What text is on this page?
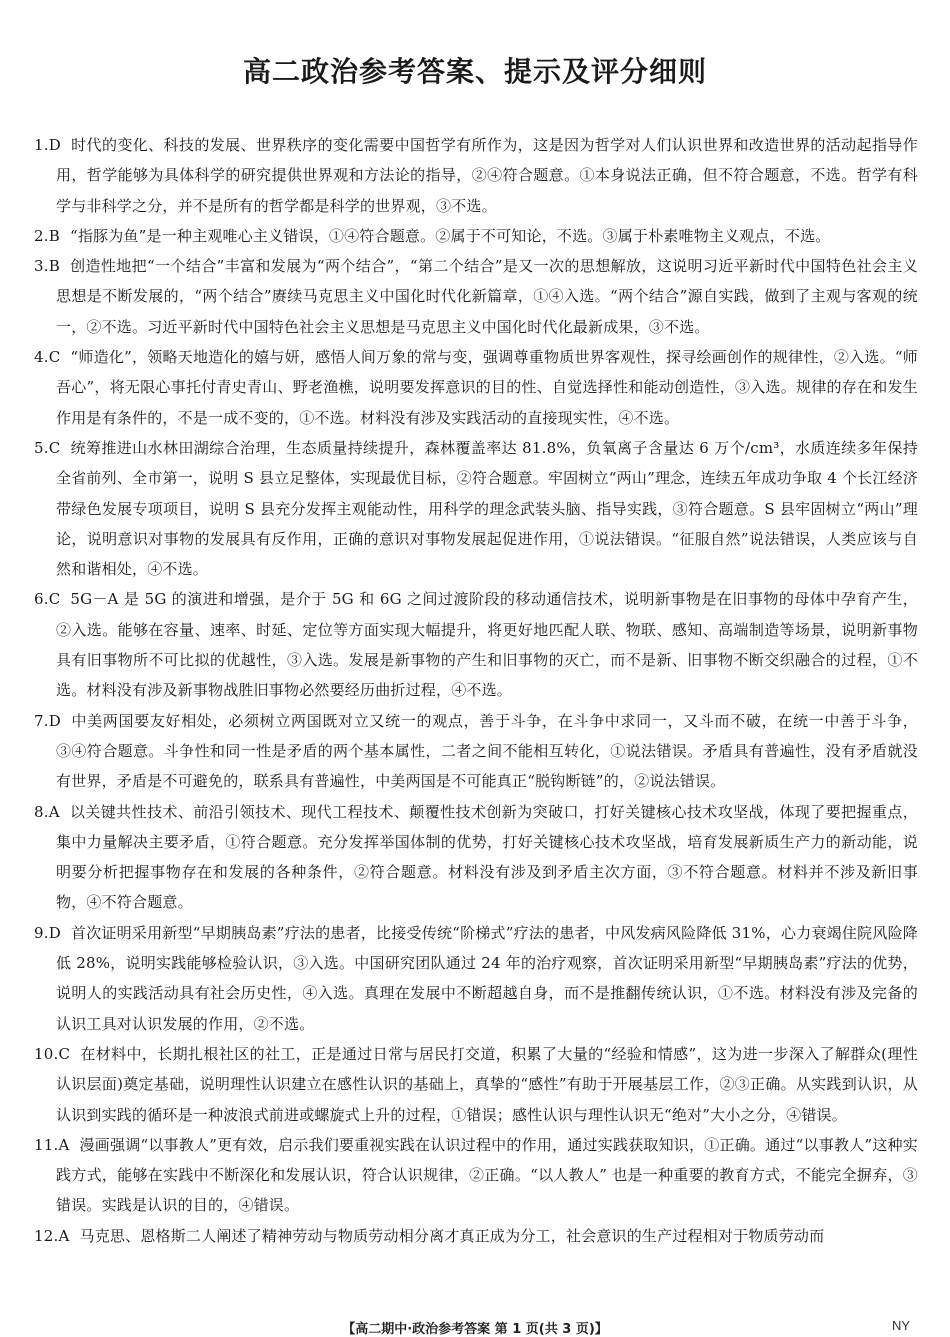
高二政治参考答案、提示及评分细则
1.D 时代的变化、科技的发展、世界秩序的变化需要中国哲学有所作为，这是因为哲学对人们认识世界和改造世界的活动起指导作用，哲学能够为具体科学的研究提供世界观和方法论的指导，②④符合题意。①本身说法正确，但不符合题意，不选。哲学有科学与非科学之分，并不是所有的哲学都是科学的世界观，③不选。
2.B “指豚为鱼”是一种主观唯心主义错误，①④符合题意。②属于不可知论，不选。③属于朴素唯物主义观点，不选。
3.B 创造性地把“一个结合”丰富和发展为“两个结合”，“第二个结合”是又一次的思想解放，这说明习近平新时代中国特色社会主义思想是不断发展的，“两个结合”赓续马克思主义中国化时代化新篇章，①④入选。“两个结合”源自实践，做到了主观与客观的统一，②不选。习近平新时代中国特色社会主义思想是马克思主义中国化时代化最新成果，③不选。
4.C “师造化”，领略天地造化的嬉与妍，感悟人间万象的常与变，强调尊重物质世界客观性，探寻绘画创作的规律性，②入选。“师吾心”，将无限心事托付青史青山、野老渔樵，说明要发挥意识的目的性、自觉选择性和能动创造性，③入选。规律的存在和发生作用是有条件的，不是一成不变的，①不选。材料没有涉及实践活动的直接现实性，④不选。
5.C 统筹推进山水林田湖综合治理，生态质量持续提升，森林覆盖率达 81.8%，负氧离子含量达 6 万个/cm³，水质连续多年保持全省前列、全市第一，说明 S 县立足整体，实现最优目标，②符合题意。牢固树立“两山”理念，连续五年成功争取 4 个长江经济带绿色发展专项项目，说明 S 县充分发挥主观能动性，用科学的理念武装头脑、指导实践，③符合题意。S 县牢固树立“两山”理论，说明意识对事物的发展具有反作用，正确的意识对事物发展起促进作用，①说法错误。“征服自然”说法错误，人类应该与自然和谐相处，④不选。
6.C 5G－A 是 5G 的演进和增强，是介于 5G 和 6G 之间过渡阶段的移动通信技术，说明新事物是在旧事物的母体中孕育产生，②入选。能够在容量、速率、时延、定位等方面实现大幅提升，将更好地匹配人联、物联、感知、高端制造等场景，说明新事物具有旧事物所不可比拟的优越性，③入选。发展是新事物的产生和旧事物的灭亡，而不是新、旧事物不断交织融合的过程，①不选。材料没有涉及新事物战胜旧事物必然要经历曲折过程，④不选。
7.D 中美两国要友好相处，必须树立两国既对立又统一的观点，善于斗争，在斗争中求同一，又斗而不破，在统一中善于斗争，③④符合题意。斗争性和同一性是矛盾的两个基本属性，二者之间不能相互转化，①说法错误。矛盾具有普遍性，没有矛盾就没有世界，矛盾是不可避免的，联系具有普遍性，中美两国是不可能真正“脱钩断链”的，②说法错误。
8.A 以关键共性技术、前沿引领技术、现代工程技术、颠覆性技术创新为突破口，打好关键核心技术攻坚战，体现了要把握重点，集中力量解决主要矛盾，①符合题意。充分发挥举国体制的优势，打好关键核心技术攻坚战，培育发展新质生产力的新动能，说明要分析把握事物存在和发展的各种条件，②符合题意。材料没有涉及到矛盾主次方面，③不符合题意。材料并不涉及新旧事物，④不符合题意。
9.D 首次证明采用新型“早期胰岛素”疗法的患者，比接受传统“阶梯式”疗法的患者，中风发病风险降低 31%，心力衰竭住院风险降低 28%，说明实践能够检验认识，③入选。中国研究团队通过 24 年的治疗观察，首次证明采用新型“早期胰岛素”疗法的优势，说明人的实践活动具有社会历史性，④入选。真理在发展中不断超越自身，而不是推翻传统认识，①不选。材料没有涉及完备的认识工具对认识发展的作用，②不选。
10.C 在材料中，长期扎根社区的社工，正是通过日常与居民打交道，积累了大量的“经验和情感”，这为进一步深入了解群众(理性认识层面)奠定基础，说明理性认识建立在感性认识的基础上，真挚的“感性”有助于开展基层工作，②③正确。从实践到认识，从认识到实践的循环是一种波浪式前进或螺旋式上升的过程，①错误；感性认识与理性认识无“绝对”大小之分，④错误。
11.A 漫画强调“以事教人”更有效，启示我们要重视实践在认识过程中的作用，通过实践获取知识，①正确。通过“以事教人”这种实践方式，能够在实践中不断深化和发展认识，符合认识规律，②正确。“以人教人” 也是一种重要的教育方式，不能完全摒弃，③错误。实践是认识的目的，④错误。
12.A 马克思、恩格斯二人阐述了精神劳动与物质劳动相分离才真正成为分工，社会意识的生产过程相对于物质劳动而
【高二期中·政治参考答案 第 1 页(共 3 页)】	NY
